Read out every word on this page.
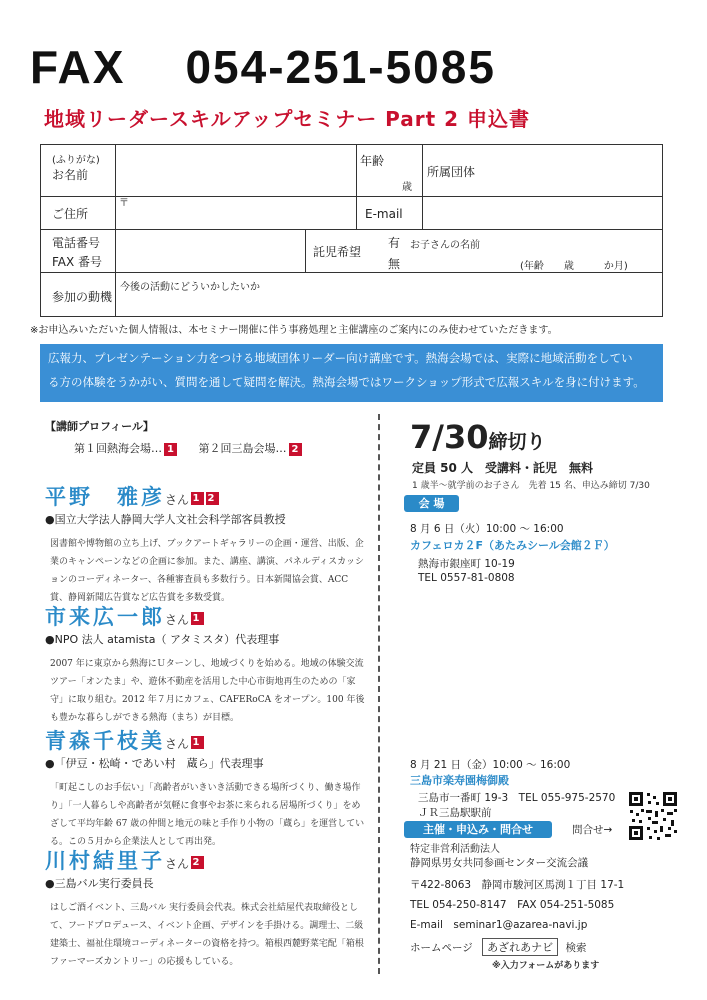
FAX 054-251-5085
地域リーダースキルアップセミナー Part 2 申込書
(ふりがな)
お名前
年齢
歳
所属団体
ご住所
〒
E-mail
電話番号
FAX 番号
託児希望
有 お子さんの名前
無	(年齢　　歳　　　か月)
参加の動機
今後の活動にどういかしたいか
※お申込みいただいた個人情報は、本セミナー開催に伴う事務処理と主催講座のご案内にのみ使わせていただきます。
広報力、プレゼンテーション力をつける地域団体リーダー向け講座です。熱海会場では、実際に地域活動をしてい
る方の体験をうかがい、質問を通して疑問を解決。熱海会場ではワークショップ形式で広報スキルを身に付けます。
【講師プロフィール】
第１回熱海会場… 1 第２回三島会場… 2
平野　雅彦さん 1 2
●国立大学法人静岡大学人文社会科学部客員教授
図書館や博物館の立ち上げ、ブックアートギャラリーの企画・運営、出版、企業のキャンペーンなどの企画に参加。また、講座、講演、パネルディスカッションのコーディネーター、各種審査員も多数行う。日本新聞協会賞、ACC 賞、静岡新聞広告賞など広告賞を多数受賞。
市来広一郎さん 1
●NPO 法人 atamista（ アタミスタ）代表理事
2007 年に東京から熱海にＵターンし、地域づくりを始める。地域の体験交流ツアー「オンたま」や、遊休不動産を活用した中心市街地再生のための「家守」に取り組む。2012 年７月にカフェ、CAFERoCA をオープン。100 年後も豊かな暮らしができる熱海（まち）が目標。
青森千枝美さん 1
●「伊豆・松崎・であい村　蔵ら」代表理事
「町起こしのお手伝い」「高齢者がいきいき活動できる場所づくり、働き場作り」「一人暮らしや高齢者が気軽に食事やお茶に来られる居場所づくり」をめざして平均年齢 67 歳の仲間と地元の味と手作り小物の「蔵ら」を運営している。この５月から企業法人として再出発。
川村結里子さん 2
●三島バル実行委員長
はしご酒イベント、三島バル 実行委員会代表。株式会社結屋代表取締役として、フードプロデュース、イベント企画、デザインを手掛ける。調理士、二級建築士、福祉住環境コーディネーターの資格を持つ。箱根西麓野菜宅配「箱根ファーマーズカントリー」の応援もしている。
7/30締切り
定員 50 人　受講料・託児　無料
1 歳半～就学前のお子さん　先着 15 名、申込み締切 7/30
会 場
8 月 6 日（火）10:00 ～ 16:00
カフェロカ２F（あたみシール会館２Ｆ）
熱海市銀座町 10-19
TEL 0557-81-0808
8 月 21 日（金）10:00 ～ 16:00
三島市楽寿園梅御殿
三島市一番町 19-3　TEL 055-975-2570
ＪＲ三島駅駅前
主催・申込み・問合せ	問合せ→
特定非営利活動法人
静岡県男女共同参画センター交流会議
〒422-8063　静岡市駿河区馬渕１丁目 17-1
TEL 054-250-8147　FAX 054-251-5085
E-mail　seminar1@azarea-navi.jp
ホームページ あざれあナビ 検索
※入力フォームがあります
